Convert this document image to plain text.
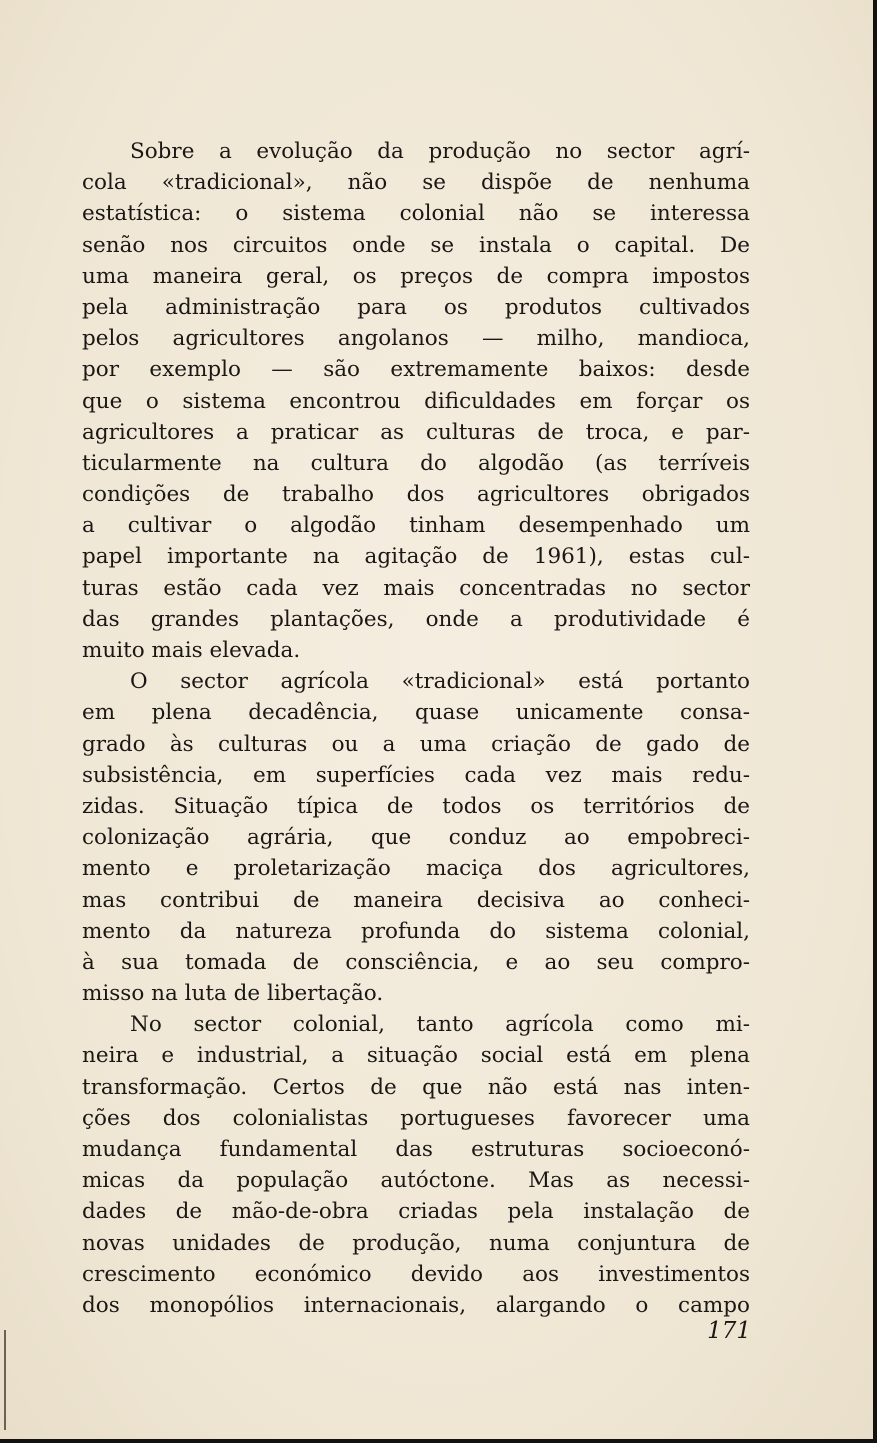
Sobre a evolução da produção no sector agrí-
cola «tradicional», não se dispõe de nenhuma
estatística: o sistema colonial não se interessa
senão nos circuitos onde se instala o capital. De
uma maneira geral, os preços de compra impostos
pela administração para os produtos cultivados
pelos agricultores angolanos — milho, mandioca,
por exemplo — são extremamente baixos: desde
que o sistema encontrou dificuldades em forçar os
agricultores a praticar as culturas de troca, e par-
ticularmente na cultura do algodão (as terríveis
condições de trabalho dos agricultores obrigados
a cultivar o algodão tinham desempenhado um
papel importante na agitação de 1961), estas cul-
turas estão cada vez mais concentradas no sector
das grandes plantações, onde a produtividade é
muito mais elevada.
O sector agrícola «tradicional» está portanto
em plena decadência, quase unicamente consa-
grado às culturas ou a uma criação de gado de
subsistência, em superfícies cada vez mais redu-
zidas. Situação típica de todos os territórios de
colonização agrária, que conduz ao empobreci-
mento e proletarização maciça dos agricultores,
mas contribui de maneira decisiva ao conheci-
mento da natureza profunda do sistema colonial,
à sua tomada de consciência, e ao seu compro-
misso na luta de libertação.
No sector colonial, tanto agrícola como mi-
neira e industrial, a situação social está em plena
transformação. Certos de que não está nas inten-
ções dos colonialistas portugueses favorecer uma
mudança fundamental das estruturas socioeconó-
micas da população autóctone. Mas as necessi-
dades de mão-de-obra criadas pela instalação de
novas unidades de produção, numa conjuntura de
crescimento económico devido aos investimentos
dos monopólios internacionais, alargando o campo
171
